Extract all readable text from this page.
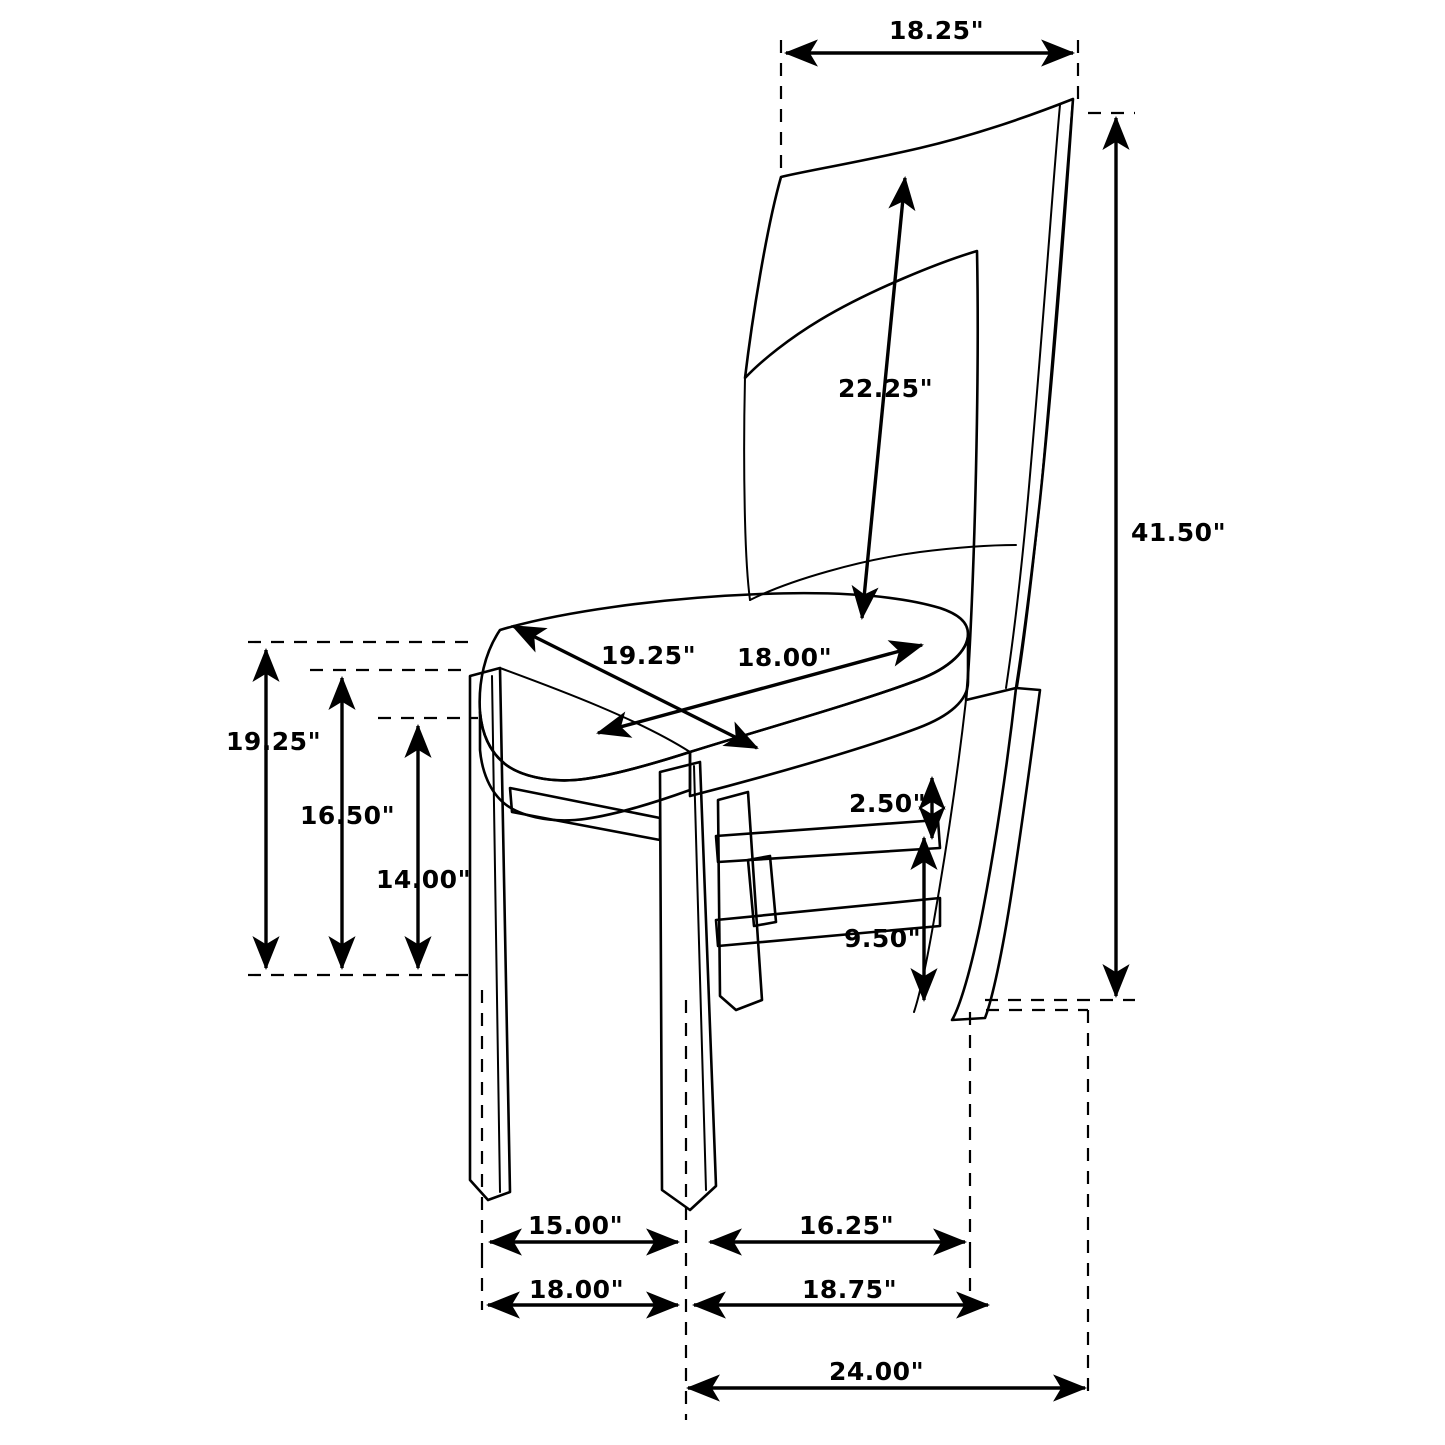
18.25"
41.50"
22.25"
19.25" 18.00"
19.25"
16.50"
14.00"
2.50"
9.50"
15.00"	16.25"
18.00"	18.75"
24.00"
